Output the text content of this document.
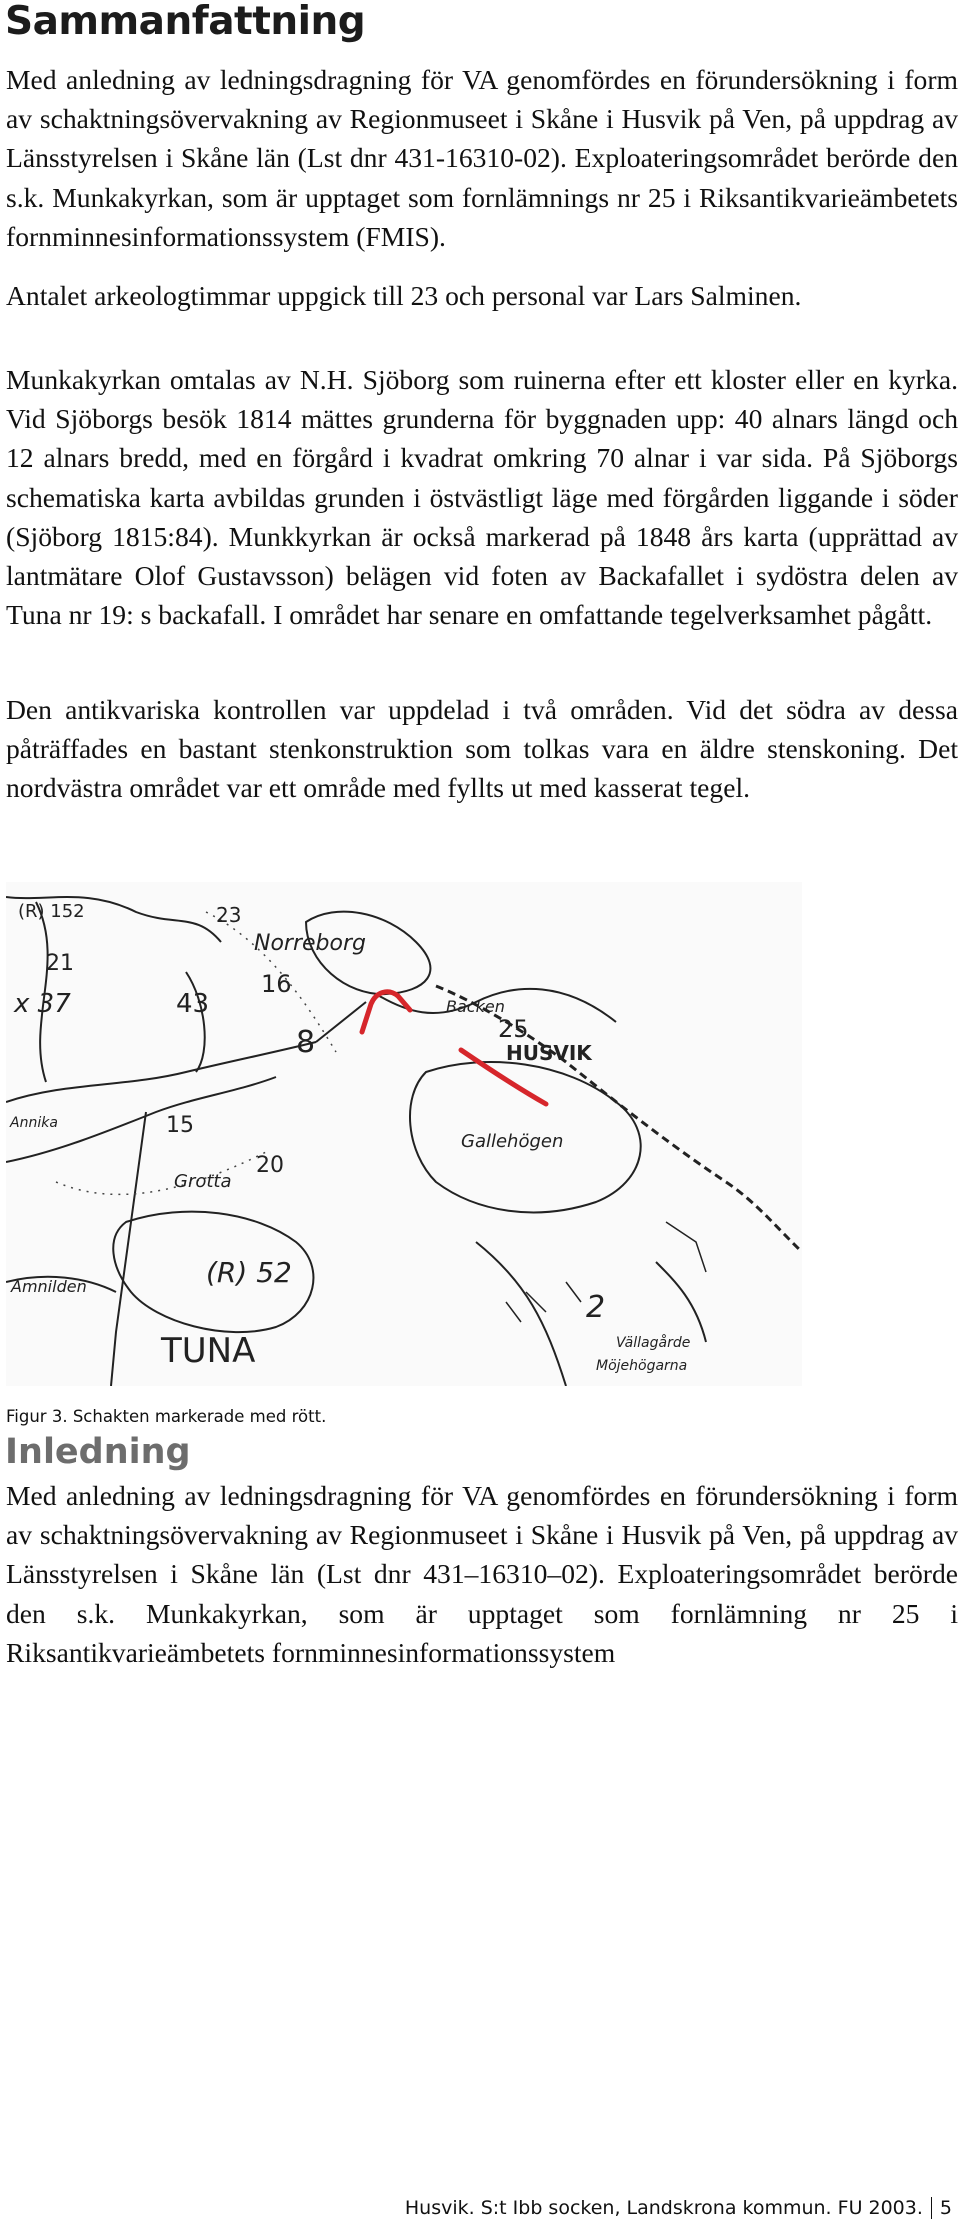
Sammanfattning

Med anledning av ledningsdragning för VA genomfördes en förundersökning i form av schaktningsövervakning av Regionmuseet i Skåne i Husvik på Ven, på uppdrag av Länsstyrelsen i Skåne län (Lst dnr 431-16310-02). Exploateringsområdet berörde den s.k. Munkakyrkan, som är upptaget som fornlämnings nr 25 i Riksantikvarieämbetets fornminnesinformationssystem (FMIS).

Antalet arkeologtimmar uppgick till 23 och personal var Lars Salminen.

Munkakyrkan omtalas av N.H. Sjöborg som ruinerna efter ett kloster eller en kyrka. Vid Sjöborgs besök 1814 mättes grunderna för byggnaden upp: 40 alnars längd och 12 alnars bredd, med en förgård i kvadrat omkring 70 alnar i var sida. På Sjöborgs schematiska karta avbildas grunden i östvästligt läge med förgården liggande i söder (Sjöborg 1815:84). Munkkyrkan är också markerad på 1848 års karta (upprättad av lantmätare Olof Gustavsson) belägen vid foten av Backafallet i sydöstra delen av Tuna nr 19: s backafall. I området har senare en omfattande tegelverksamhet pågått.

Den antikvariska kontrollen var uppdelad i två områden. Vid det södra av dessa påträffades en bastant stenkonstruktion som tolkas vara en äldre stenskoning. Det nordvästra området var ett område med fyllts ut med kasserat tegel.

(R) 152
21
x 37
Norreborg
23
43
16
25
HUSVIK
Backen
8
15
20
Gallehögen
Grotta
Amnilden	(R) 52
TUNA
2
Vällagårde
Möjehögarna
Annika

Figur 3. Schakten markerade med rött.

Inledning

Med anledning av ledningsdragning för VA genomfördes en förundersökning i form av schaktningsövervakning av Regionmuseet i Skåne i Husvik på Ven, på uppdrag av Länsstyrelsen i Skåne län (Lst dnr 431–16310–02). Exploateringsområdet berörde den s.k. Munkakyrkan, som är upptaget som fornlämning nr 25 i Riksantikvarieämbetets fornminnesinformationssystem

Husvik. S:t Ibb socken, Landskrona kommun. FU 2003. 5
